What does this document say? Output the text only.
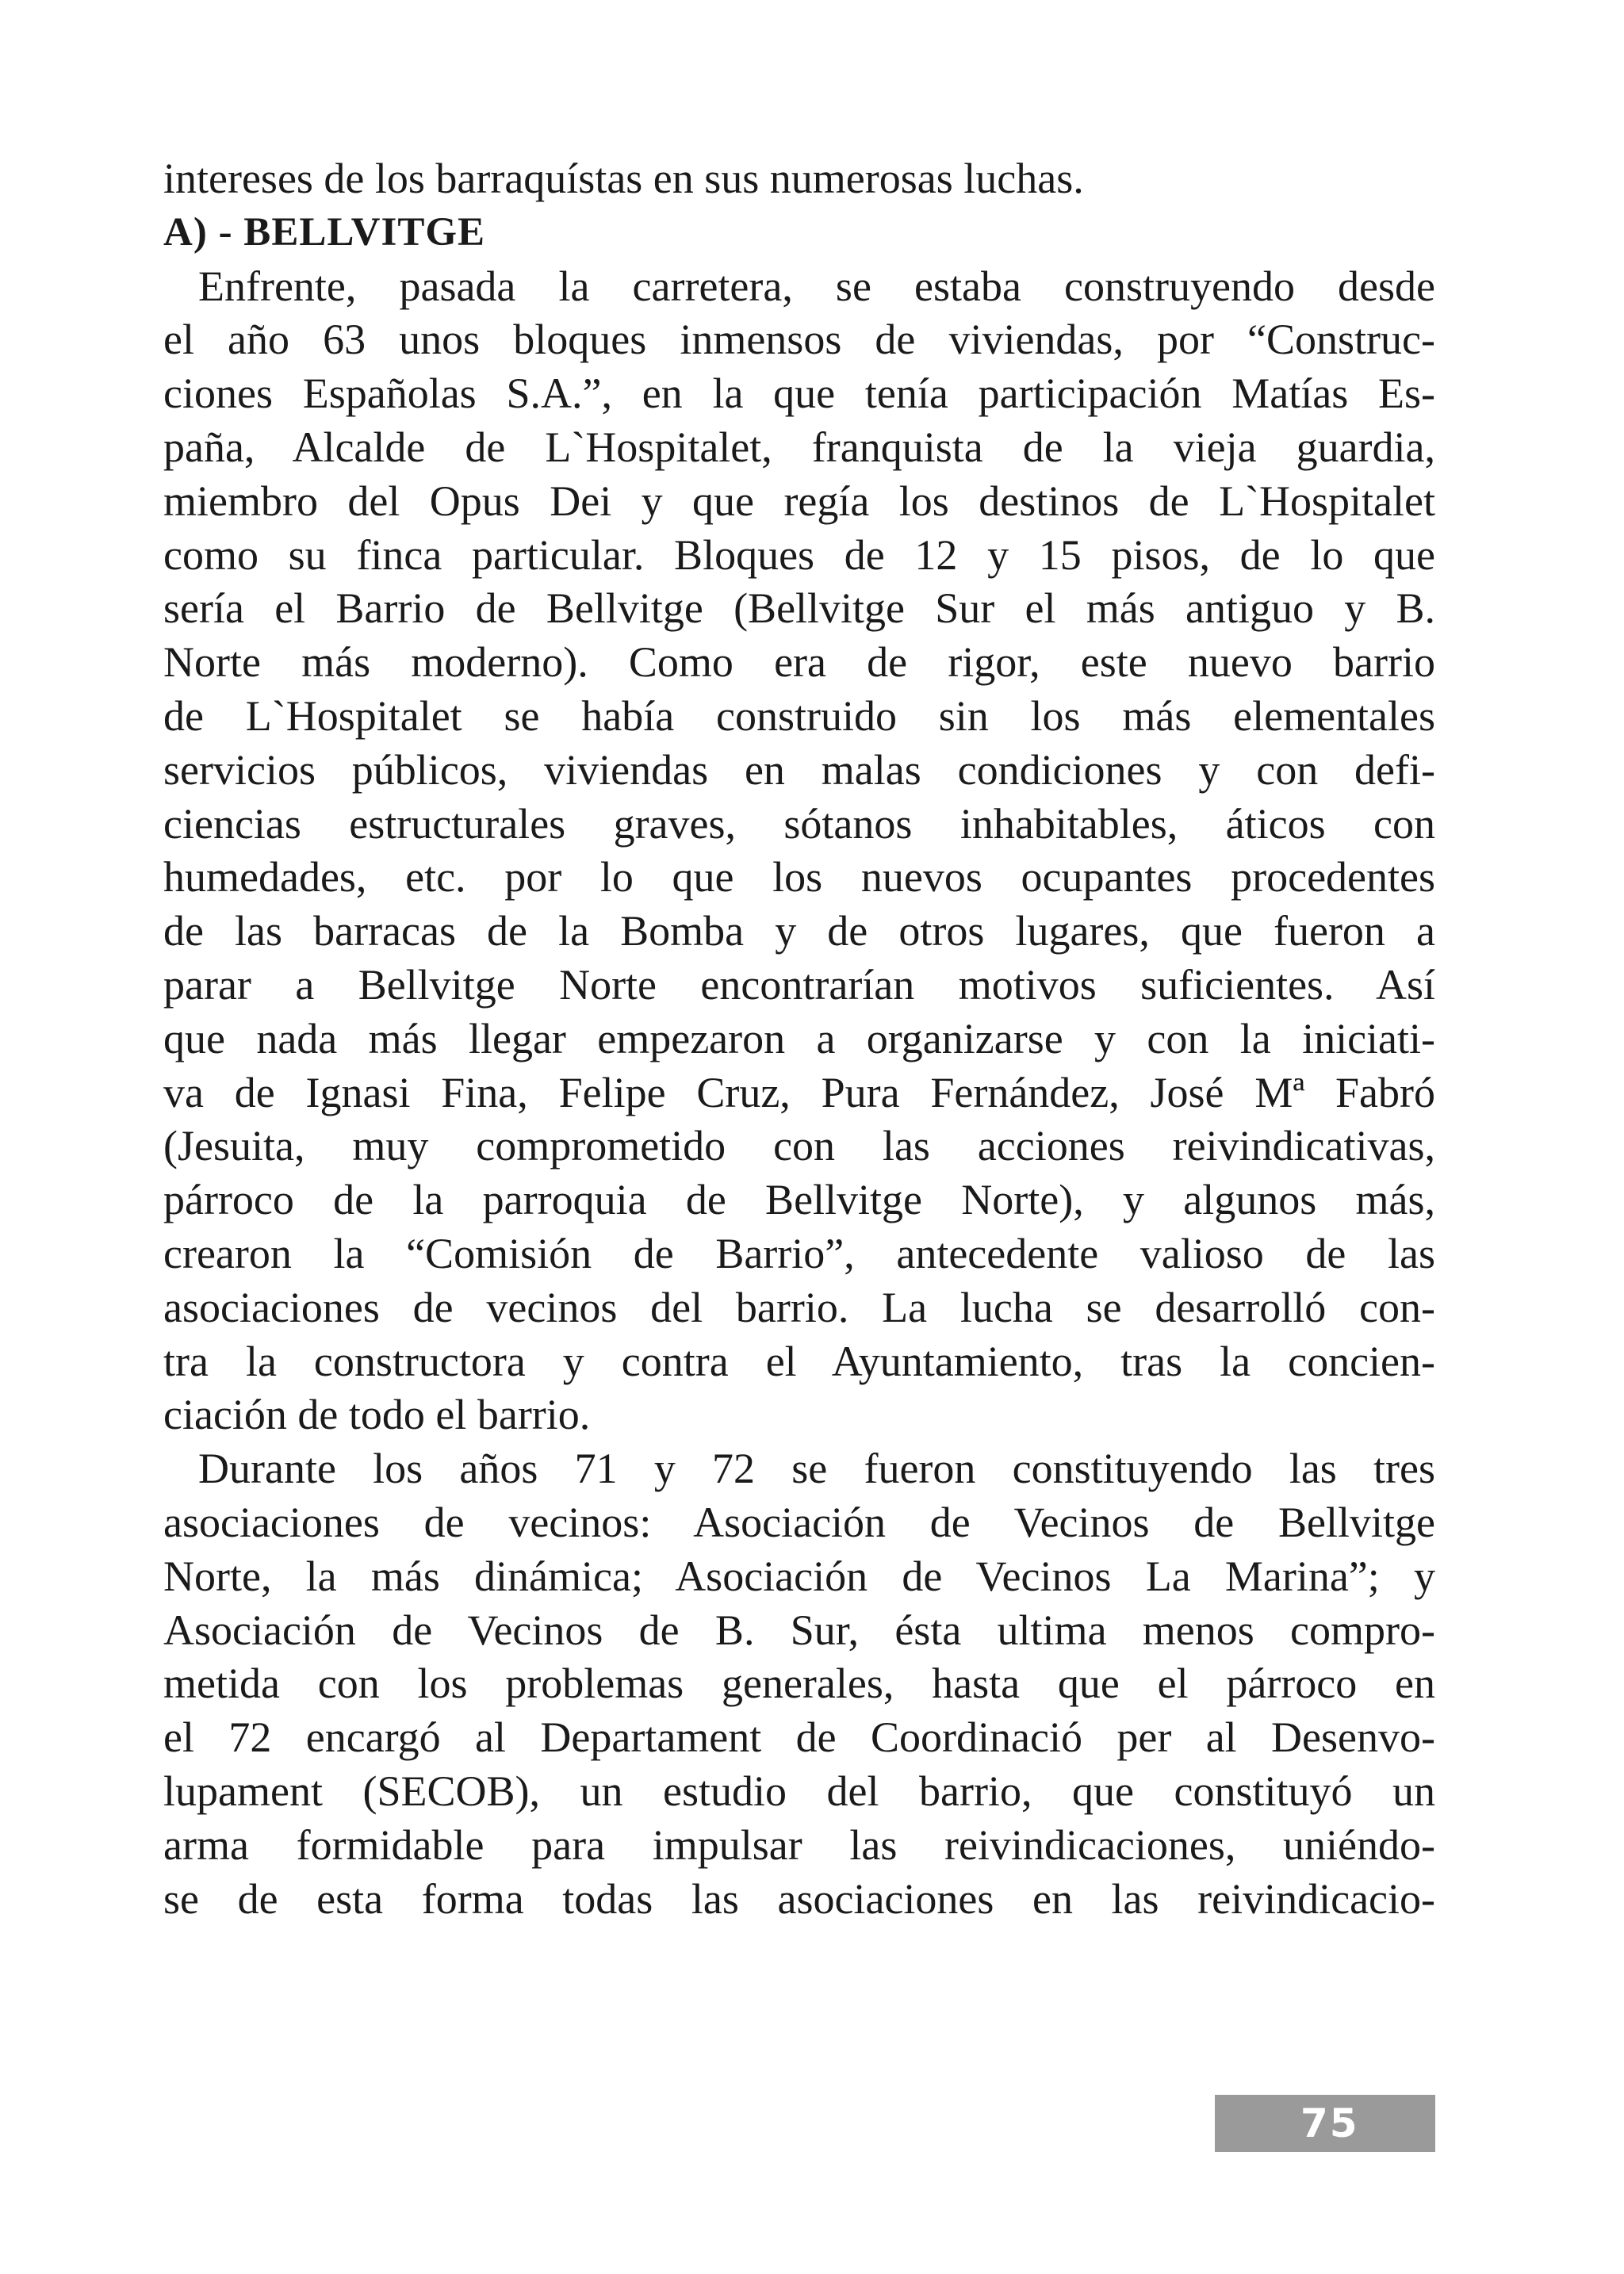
intereses de los barraquístas en sus numerosas luchas.
A) - BELLVITGE
Enfrente, pasada la carretera, se estaba construyendo desde
el año 63 unos bloques inmensos de viviendas, por “Construc-
ciones Españolas S.A.”, en la que tenía participación Matías Es-
paña, Alcalde de L`Hospitalet, franquista de la vieja guardia,
miembro del Opus Dei y que regía los destinos de L`Hospitalet
como su finca particular. Bloques de 12 y 15 pisos, de lo que
sería el Barrio de Bellvitge (Bellvitge Sur el más antiguo y B.
Norte más moderno). Como era de rigor, este nuevo barrio
de L`Hospitalet se había construido sin los más elementales
servicios públicos, viviendas en malas condiciones y con defi-
ciencias estructurales graves, sótanos inhabitables, áticos con
humedades, etc. por lo que los nuevos ocupantes procedentes
de las barracas de la Bomba y de otros lugares, que fueron a
parar a Bellvitge Norte encontrarían motivos suficientes. Así
que nada más llegar empezaron a organizarse y con la iniciati-
va de Ignasi Fina, Felipe Cruz, Pura Fernández, José Mª Fabró
(Jesuita, muy comprometido con las acciones reivindicativas,
párroco de la parroquia de Bellvitge Norte), y algunos más,
crearon la “Comisión de Barrio”, antecedente valioso de las
asociaciones de vecinos del barrio. La lucha se desarrolló con-
tra la constructora y contra el Ayuntamiento, tras la concien-
ciación de todo el barrio.
Durante los años 71 y 72 se fueron constituyendo las tres
asociaciones de vecinos: Asociación de Vecinos de Bellvitge
Norte, la más dinámica; Asociación de Vecinos La Marina”; y
Asociación de Vecinos de B. Sur, ésta ultima menos compro-
metida con los problemas generales, hasta que el párroco en
el 72 encargó al Departament de Coordinació per al Desenvo-
lupament (SECOB), un estudio del barrio, que constituyó un
arma formidable para impulsar las reivindicaciones, uniéndo-
se de esta forma todas las asociaciones en las reivindicacio-
75
